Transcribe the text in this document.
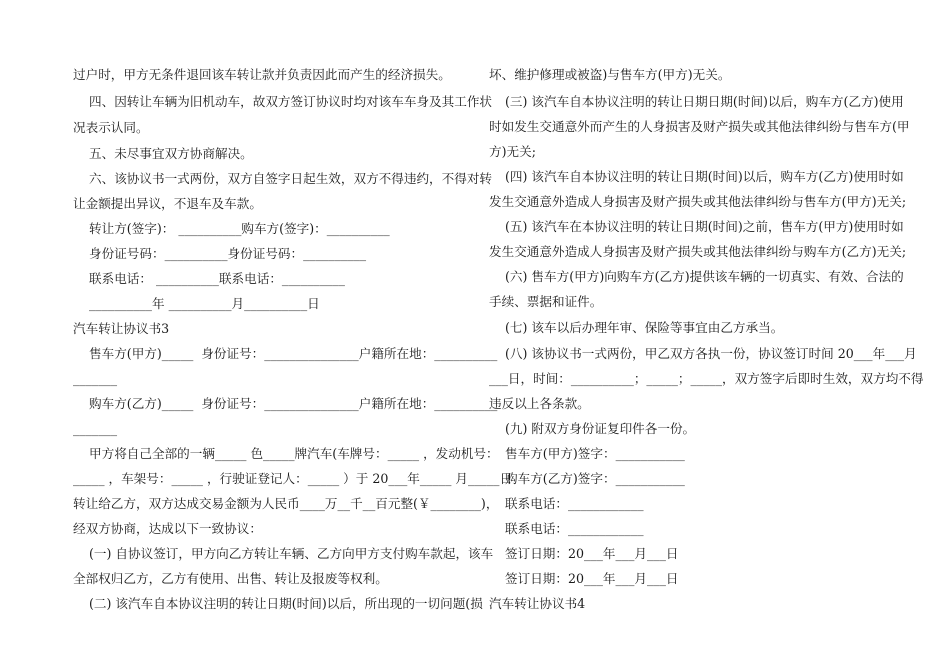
过户时，甲方无条件退回该车转让款并负责因此而产生的经济损失。
四、因转让车辆为旧机动车，故双方签订协议时均对该车车身及其工作状
况表示认同。
五、未尽事宜双方协商解决。
六、该协议书一式两份，双方自签字日起生效，双方不得违约，不得对转
让金额提出异议，不退车及车款。
转让方(签字)： __________购车方(签字)：__________
身份证号码：__________身份证号码：__________
联系电话： __________联系电话：__________
__________年 __________月__________日
汽车转让协议书3
售车方(甲方)_____  身份证号：_______________户籍所在地：__________
_______
购车方(乙方)_____  身份证号：_______________户籍所在地：__________
_______
甲方将自己全部的一辆_____ 色_____牌汽车(车牌号：_____ ，发动机号：
_____ ，车架号：_____ ，行驶证登记人：_____ ）于 20___年_____ 月_____日
转让给乙方，双方达成交易金额为人民币____万__千__百元整(￥________)，
经双方协商，达成以下一致协议：
(一) 自协议签订，甲方向乙方转让车辆、乙方向甲方支付购车款起，该车
全部权归乙方，乙方有使用、出售、转让及报废等权利。
(二) 该汽车自本协议注明的转让日期(时间)以后，所出现的一切问题(损
坏、维护修理或被盗)与售车方(甲方)无关。
(三) 该汽车自本协议注明的转让日期日期(时间)以后，购车方(乙方)使用
时如发生交通意外而产生的人身损害及财产损失或其他法律纠纷与售车方(甲
方)无关;
(四) 该汽车自本协议注明的转让日期(时间)以后，购车方(乙方)使用时如
发生交通意外造成人身损害及财产损失或其他法律纠纷与售车方(甲方)无关;
(五) 该汽车在本协议注明的转让日期(时间)之前，售车方(甲方)使用时如
发生交通意外造成人身损害及财产损失或其他法律纠纷与购车方(乙方)无关;
(六) 售车方(甲方)向购车方(乙方)提供该车辆的一切真实、有效、合法的
手续、票据和证件。
(七) 该车以后办理年审、保险等事宜由乙方承当。
(八) 该协议书一式两份，甲乙双方各执一份，协议签订时间 20___年___月
___日，时间：__________；_____；_____，双方签字后即时生效，双方均不得
违反以上各条款。
(九) 附双方身份证复印件各一份。
售车方(甲方)签字：___________
购车方(乙方)签字：___________
联系电话：____________
联系电话：____________
签订日期：20___年___月___日
签订日期：20___年___月___日
汽车转让协议书4
